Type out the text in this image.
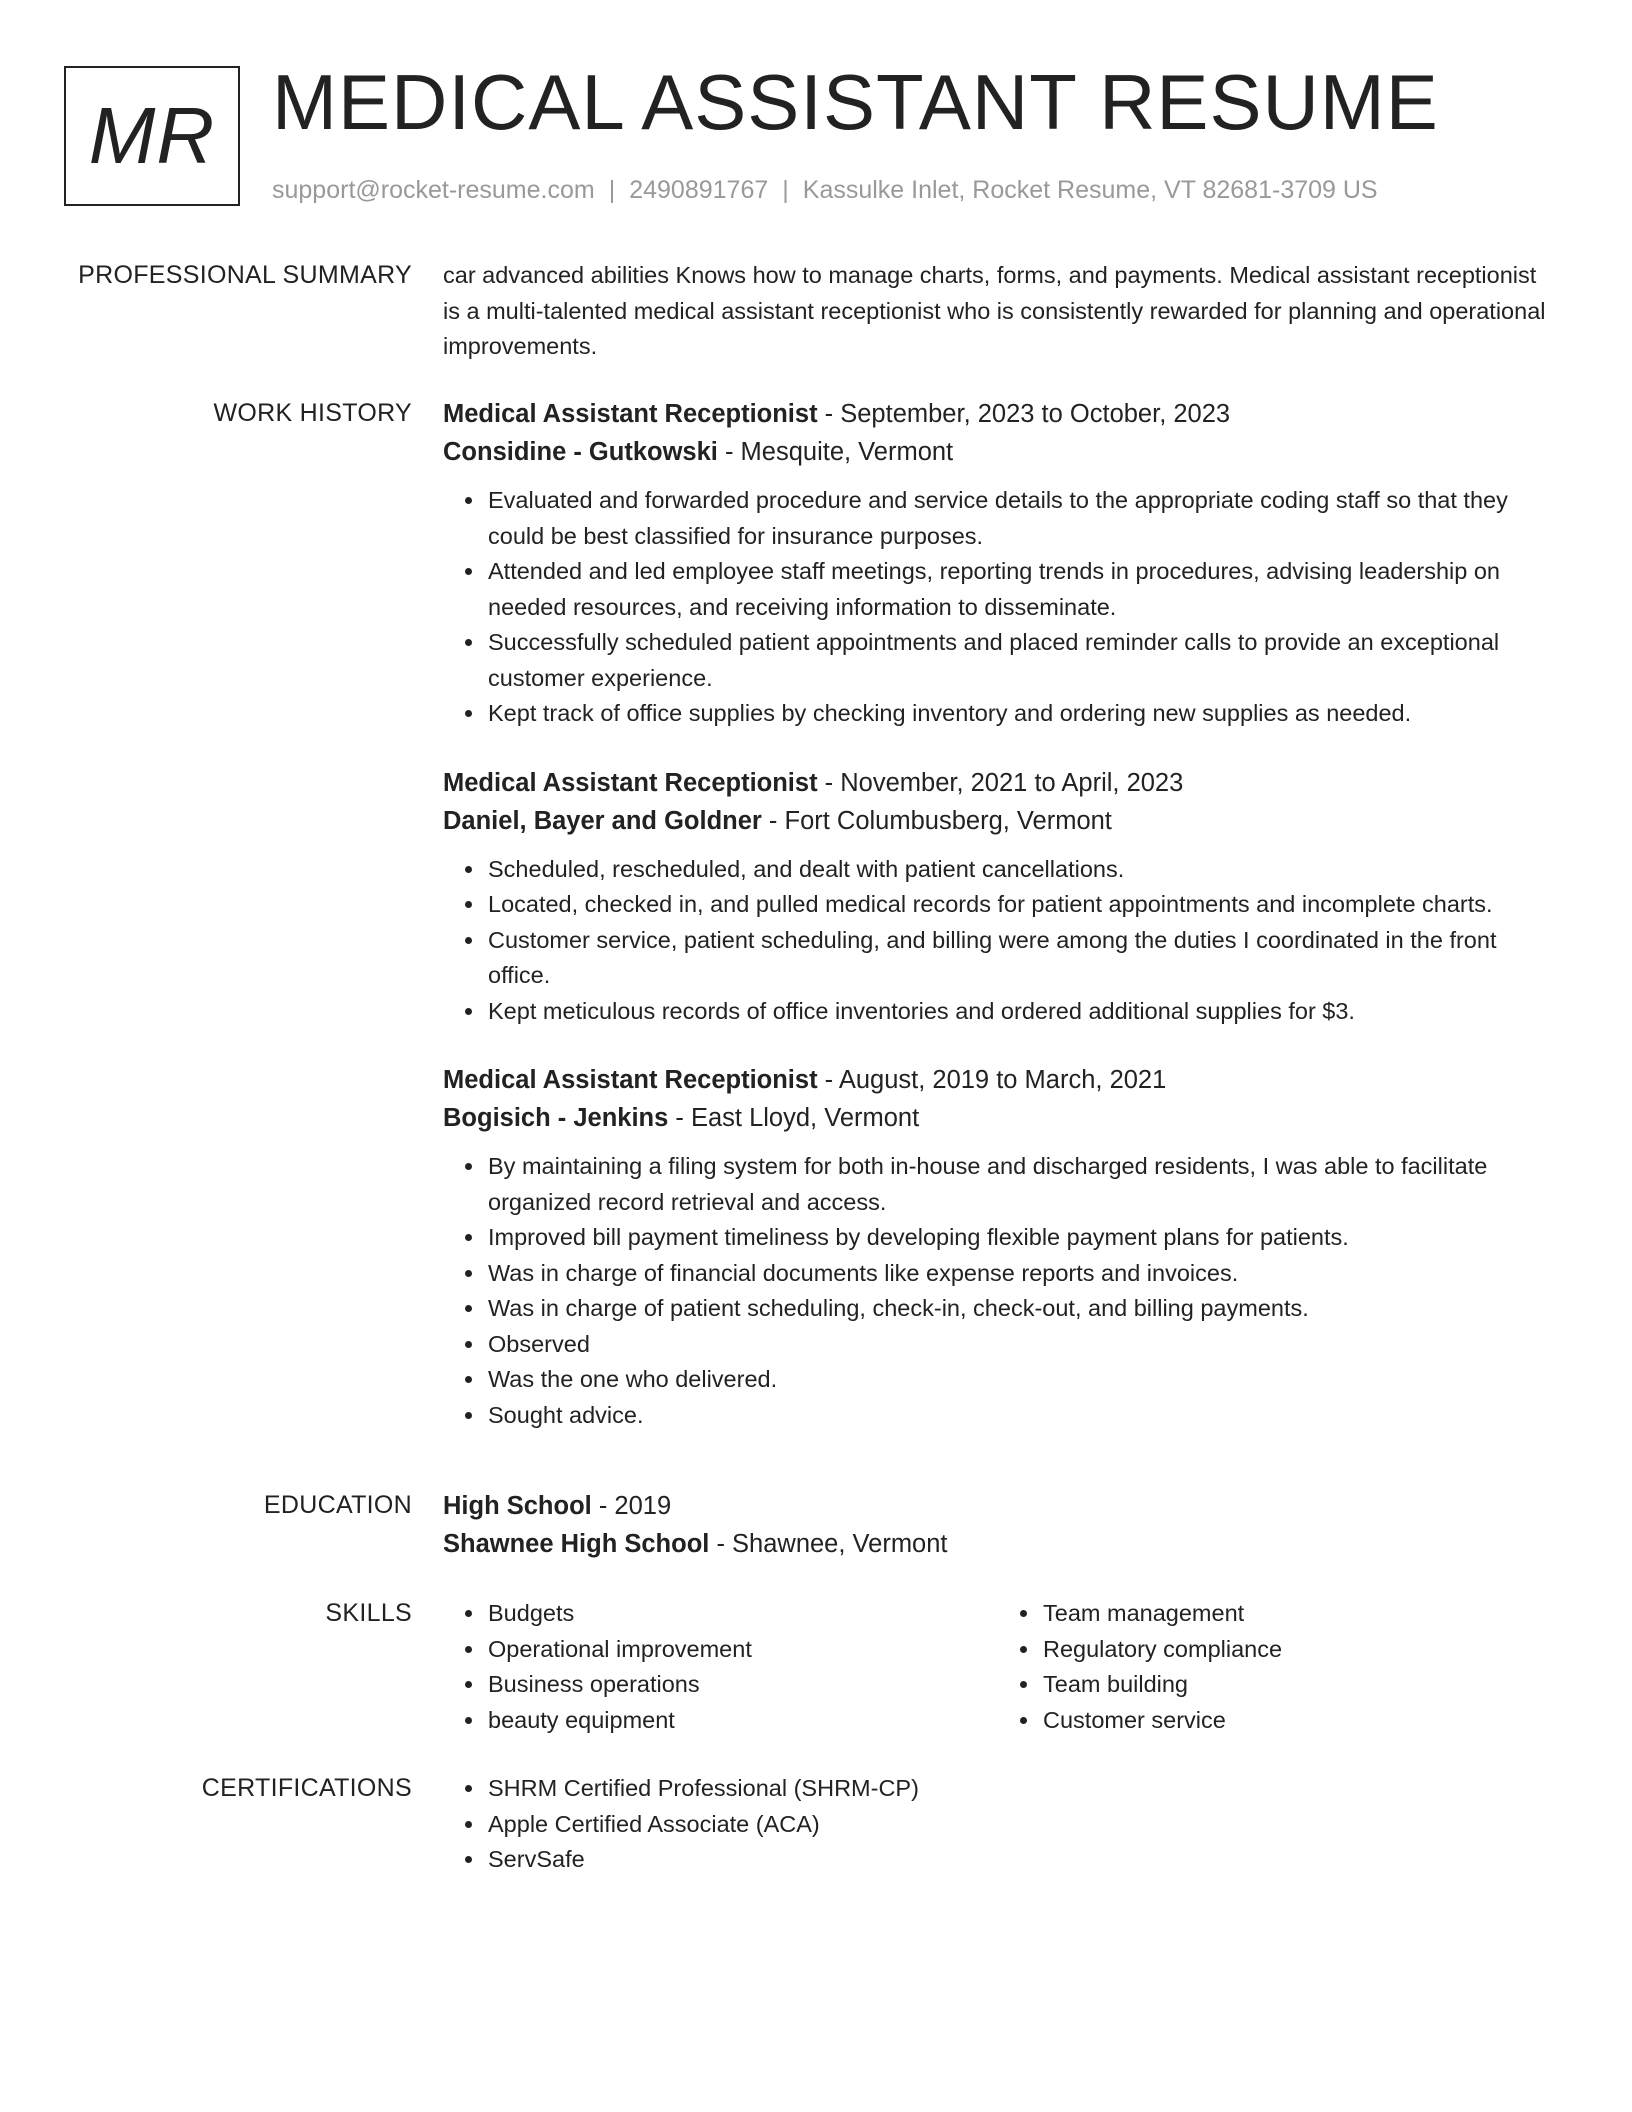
MR MEDICAL ASSISTANT RESUME
support@rocket-resume.com | 2490891767 | Kassulke Inlet, Rocket Resume, VT 82681-3709 US
PROFESSIONAL SUMMARY car advanced abilities Knows how to manage charts, forms, and payments. Medical assistant receptionist is a multi-talented medical assistant receptionist who is consistently rewarded for planning and operational improvements.

WORK HISTORY Medical Assistant Receptionist - September, 2023 to October, 2023
Considine - Gutkowski - Mesquite, Vermont
• Evaluated and forwarded procedure and service details to the appropriate coding staff so that they could be best classified for insurance purposes.
• Attended and led employee staff meetings, reporting trends in procedures, advising leadership on needed resources, and receiving information to disseminate.
• Successfully scheduled patient appointments and placed reminder calls to provide an exceptional customer experience.
• Kept track of office supplies by checking inventory and ordering new supplies as needed.
Medical Assistant Receptionist - November, 2021 to April, 2023
Daniel, Bayer and Goldner - Fort Columbusberg, Vermont
• Scheduled, rescheduled, and dealt with patient cancellations.
• Located, checked in, and pulled medical records for patient appointments and incomplete charts.
• Customer service, patient scheduling, and billing were among the duties I coordinated in the front office.
• Kept meticulous records of office inventories and ordered additional supplies for $3.
Medical Assistant Receptionist - August, 2019 to March, 2021
Bogisich - Jenkins - East Lloyd, Vermont
• By maintaining a filing system for both in-house and discharged residents, I was able to facilitate organized record retrieval and access.
• Improved bill payment timeliness by developing flexible payment plans for patients.
• Was in charge of financial documents like expense reports and invoices.
• Was in charge of patient scheduling, check-in, check-out, and billing payments.
• Observed
• Was the one who delivered.
• Sought advice.
EDUCATION High School - 2019
Shawnee High School - Shawnee, Vermont
SKILLS	• Budgets
• Operational improvement
• Business operations
• beauty equipment
• Team management
• Regulatory compliance
• Team building
• Customer service
CERTIFICATIONS	• SHRM Certified Professional (SHRM-CP)
• Apple Certified Associate (ACA)
• ServSafe
